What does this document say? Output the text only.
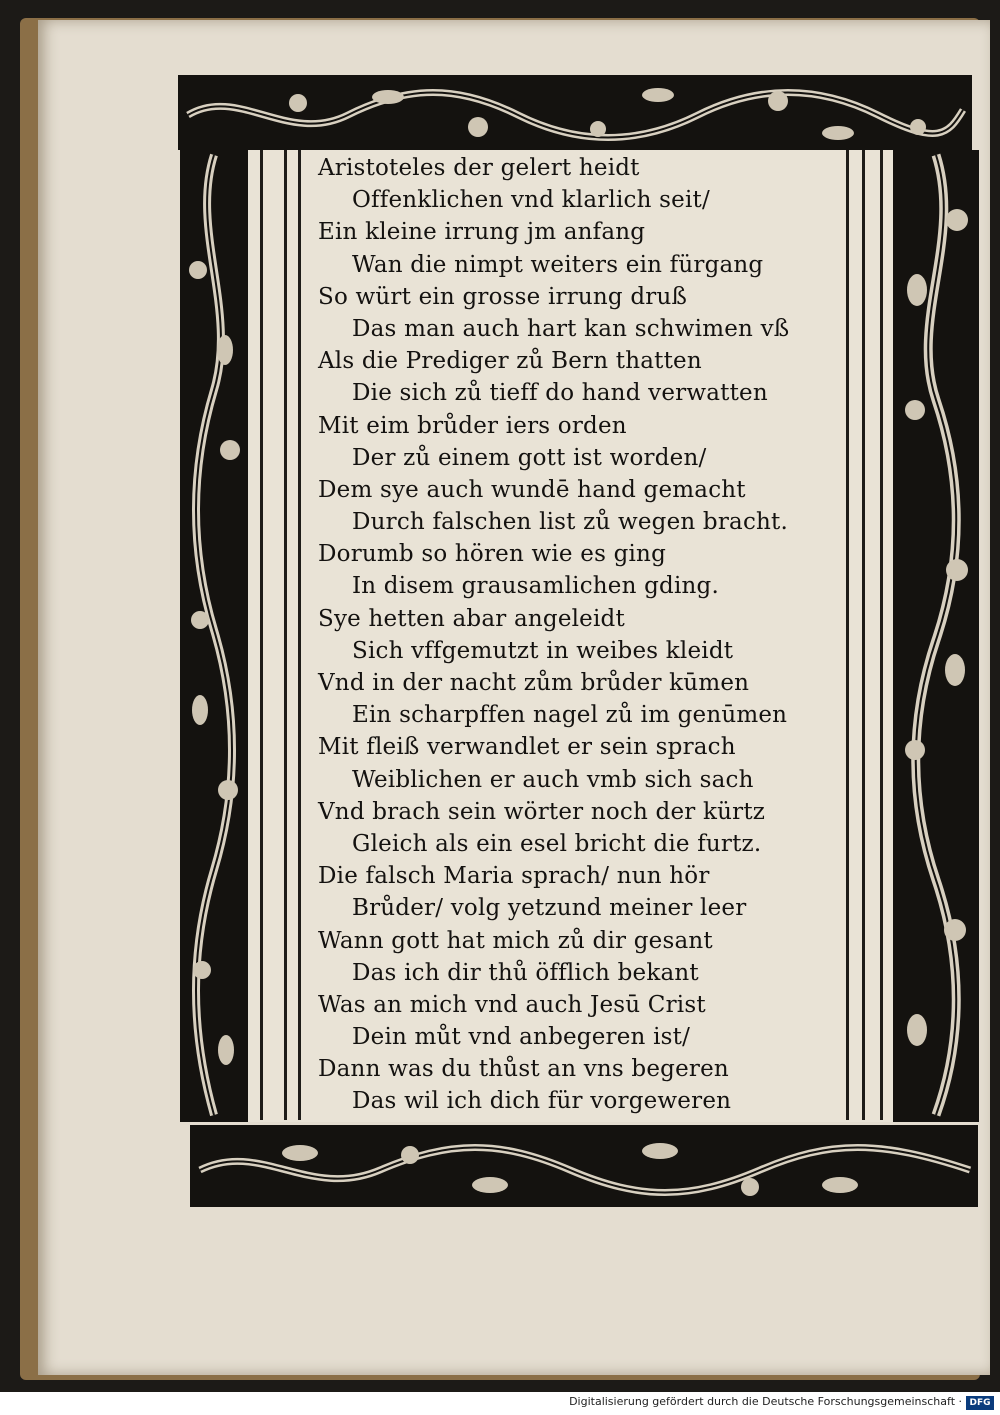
Aristoteles der gelert heidt
Offenklichen vnd klarlich seit/
Ein kleine irrung jm anfang
Wan die nimpt weiters ein fürgang
So würt ein grosse irrung druß
Das man auch hart kan schwimen vß
Als die Prediger zů Bern thatten
Die sich zů tieff do hand verwatten
Mit eim brůder iers orden
Der zů einem gott ist worden/
Dem sye auch wundē hand gemacht
Durch falschen list zů wegen bracht.
Dorumb so hören wie es ging
In disem grausamlichen gding.
Sye hetten abar angeleidt
Sich vffgemutzt in weibes kleidt
Vnd in der nacht zům brůder kūmen
Ein scharpffen nagel zů im genūmen
Mit fleiß verwandlet er sein sprach
Weiblichen er auch vmb sich sach
Vnd brach sein wörter noch der kürtz
Gleich als ein esel bricht die furtz.
Die falsch Maria sprach/ nun hör
Brůder/ volg yetzund meiner leer
Wann gott hat mich zů dir gesant
Das ich dir thů öfflich bekant
Was an mich vnd auch Jesū Crist
Dein můt vnd anbegeren ist/
Dann was du thůst an vns begeren
Das wil ich dich für vorgeweren
Digitalisierung gefördert durch die Deutsche Forschungsgemeinschaft · DFG
